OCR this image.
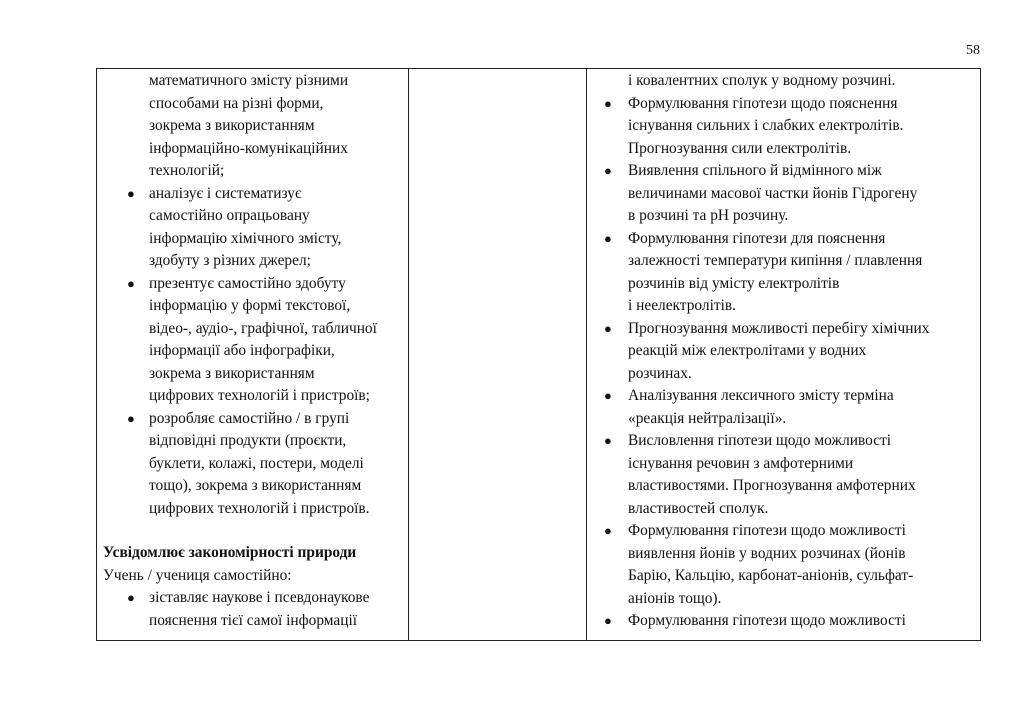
58
математичного змісту різними
способами на різні форми,
зокрема з використанням
інформаційно-комунікаційних
технологій;
● аналізує і систематизує
самостійно опрацьовану
інформацію хімічного змісту,
здобуту з різних джерел;
● презентує самостійно здобуту
інформацію у формі текстової,
відео-, аудіо-, графічної, табличної
інформації або інфографіки,
зокрема з використанням
цифрових технологій і пристроїв;
● розробляє самостійно / в групі
відповідні продукти (проєкти,
буклети, колажі, постери, моделі
тощо), зокрема з використанням
цифрових технологій і пристроїв.
Усвідомлює закономірності природи
Учень / учениця самостійно:
● зіставляє наукове і псевдонаукове
пояснення тієї самої інформації
і ковалентних сполук у водному розчині.
● Формулювання гіпотези щодо пояснення
існування сильних і слабких електролітів.
Прогнозування сили електролітів.
● Виявлення спільного й відмінного між
величинами масової частки йонів Гідрогену
в розчині та pH розчину.
● Формулювання гіпотези для пояснення
залежності температури кипіння / плавлення
розчинів від умісту електролітів
і неелектролітів.
● Прогнозування можливості перебігу хімічних
реакцій між електролітами у водних
розчинах.
● Аналізування лексичного змісту терміна
«реакція нейтралізації».
● Висловлення гіпотези щодо можливості
існування речовин з амфотерними
властивостями. Прогнозування амфотерних
властивостей сполук.
● Формулювання гіпотези щодо можливості
виявлення йонів у водних розчинах (йонів
Барію, Кальцію, карбонат-аніонів, сульфат-
аніонів тощо).
● Формулювання гіпотези щодо можливості
